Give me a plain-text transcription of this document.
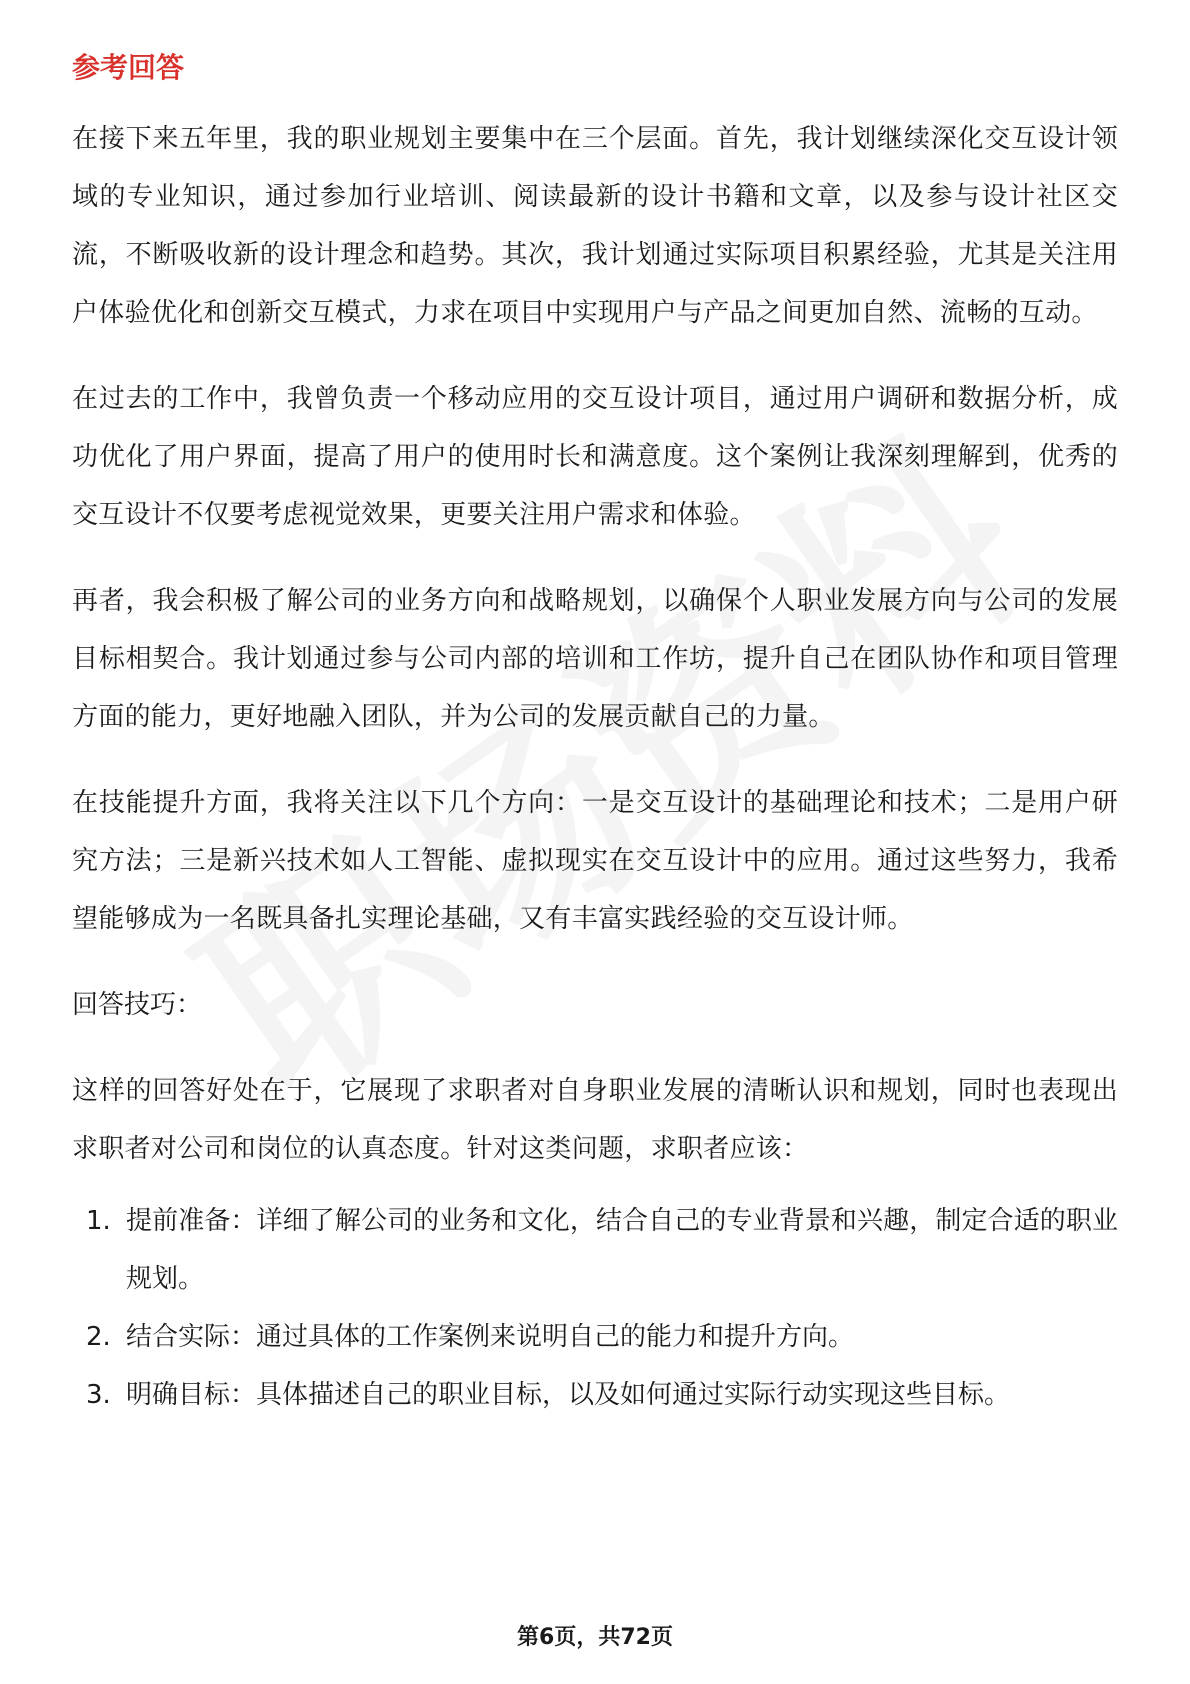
参考回答

在接下来五年里，我的职业规划主要集中在三个层面。首先，我计划继续深化交互设计领域的专业知识，通过参加行业培训、阅读最新的设计书籍和文章，以及参与设计社区交流，不断吸收新的设计理念和趋势。其次，我计划通过实际项目积累经验，尤其是关注用户体验优化和创新交互模式，力求在项目中实现用户与产品之间更加自然、流畅的互动。

在过去的工作中，我曾负责一个移动应用的交互设计项目，通过用户调研和数据分析，成功优化了用户界面，提高了用户的使用时长和满意度。这个案例让我深刻理解到，优秀的交互设计不仅要考虑视觉效果，更要关注用户需求和体验。

再者，我会积极了解公司的业务方向和战略规划，以确保个人职业发展方向与公司的发展目标相契合。我计划通过参与公司内部的培训和工作坊，提升自己在团队协作和项目管理方面的能力，更好地融入团队，并为公司的发展贡献自己的力量。

在技能提升方面，我将关注以下几个方向：一是交互设计的基础理论和技术；二是用户研究方法；三是新兴技术如人工智能、虚拟现实在交互设计中的应用。通过这些努力，我希望能够成为一名既具备扎实理论基础，又有丰富实践经验的交互设计师。

回答技巧：

这样的回答好处在于，它展现了求职者对自身职业发展的清晰认识和规划，同时也表现出求职者对公司和岗位的认真态度。针对这类问题，求职者应该：

1. 提前准备：详细了解公司的业务和文化，结合自己的专业背景和兴趣，制定合适的职业规划。
2. 结合实际：通过具体的工作案例来说明自己的能力和提升方向。
3. 明确目标：具体描述自己的职业目标，以及如何通过实际行动实现这些目标。
第6页，共72页
